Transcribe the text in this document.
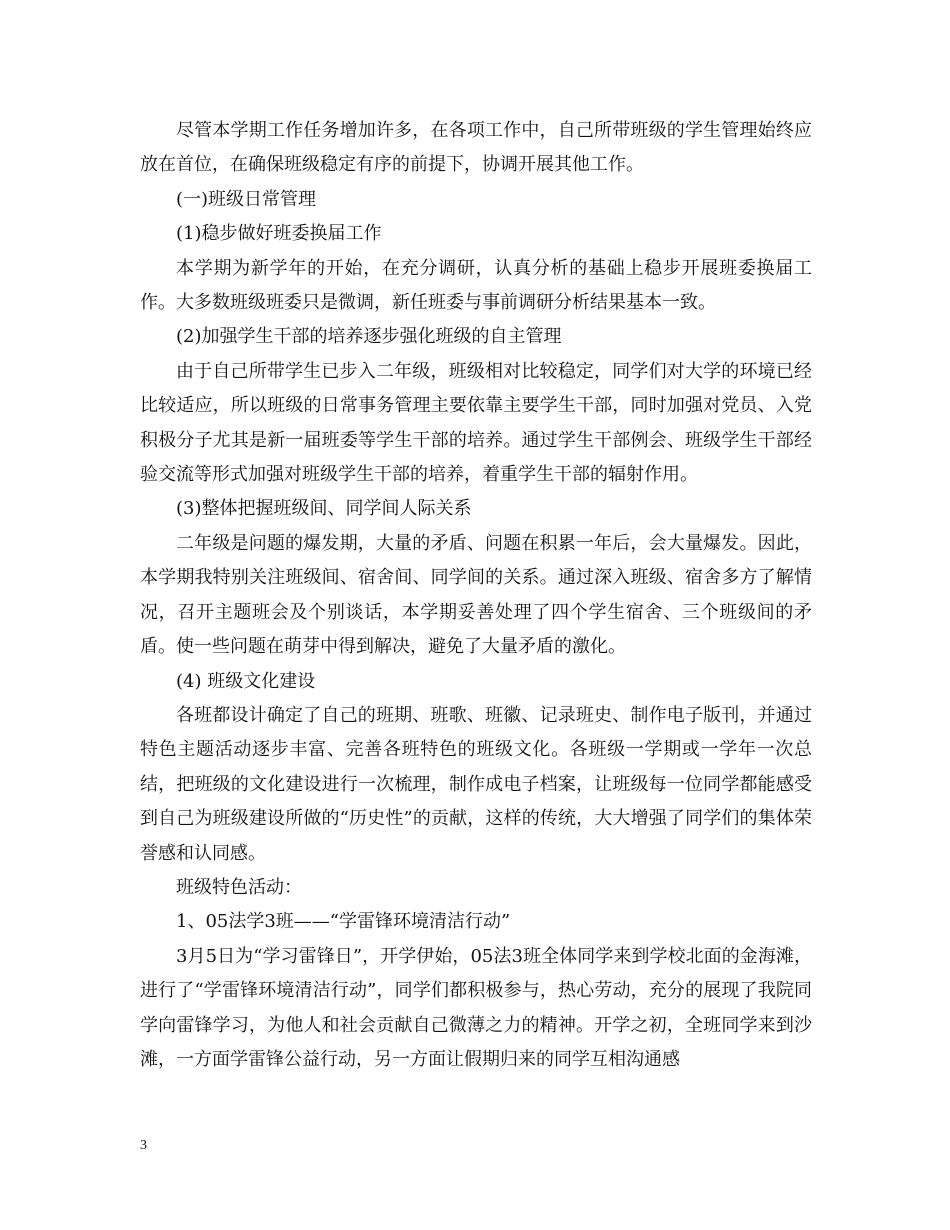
尽管本学期工作任务增加许多，在各项工作中，自己所带班级的学生管理始终应放在首位，在确保班级稳定有序的前提下，协调开展其他工作。

(一)班级日常管理

(1)稳步做好班委换届工作

本学期为新学年的开始，在充分调研，认真分析的基础上稳步开展班委换届工作。大多数班级班委只是微调，新任班委与事前调研分析结果基本一致。

(2)加强学生干部的培养逐步强化班级的自主管理

由于自己所带学生已步入二年级，班级相对比较稳定，同学们对大学的环境已经比较适应，所以班级的日常事务管理主要依靠主要学生干部，同时加强对党员、入党积极分子尤其是新一届班委等学生干部的培养。通过学生干部例会、班级学生干部经验交流等形式加强对班级学生干部的培养，着重学生干部的辐射作用。

(3)整体把握班级间、同学间人际关系

二年级是问题的爆发期，大量的矛盾、问题在积累一年后，会大量爆发。因此，本学期我特别关注班级间、宿舍间、同学间的关系。通过深入班级、宿舍多方了解情况，召开主题班会及个别谈话，本学期妥善处理了四个学生宿舍、三个班级间的矛盾。使一些问题在萌芽中得到解决，避免了大量矛盾的激化。

(4) 班级文化建设

各班都设计确定了自己的班期、班歌、班徽、记录班史、制作电子版刊，并通过特色主题活动逐步丰富、完善各班特色的班级文化。各班级一学期或一学年一次总结，把班级的文化建设进行一次梳理，制作成电子档案，让班级每一位同学都能感受到自己为班级建设所做的“历史性”的贡献，这样的传统，大大增强了同学们的集体荣誉感和认同感。

班级特色活动：

1、05法学3班——“学雷锋环境清洁行动”

3月5日为“学习雷锋日”，开学伊始，05法3班全体同学来到学校北面的金海滩，进行了“学雷锋环境清洁行动”，同学们都积极参与，热心劳动，充分的展现了我院同学向雷锋学习，为他人和社会贡献自己微薄之力的精神。开学之初，全班同学来到沙滩，一方面学雷锋公益行动，另一方面让假期归来的同学互相沟通感

3
